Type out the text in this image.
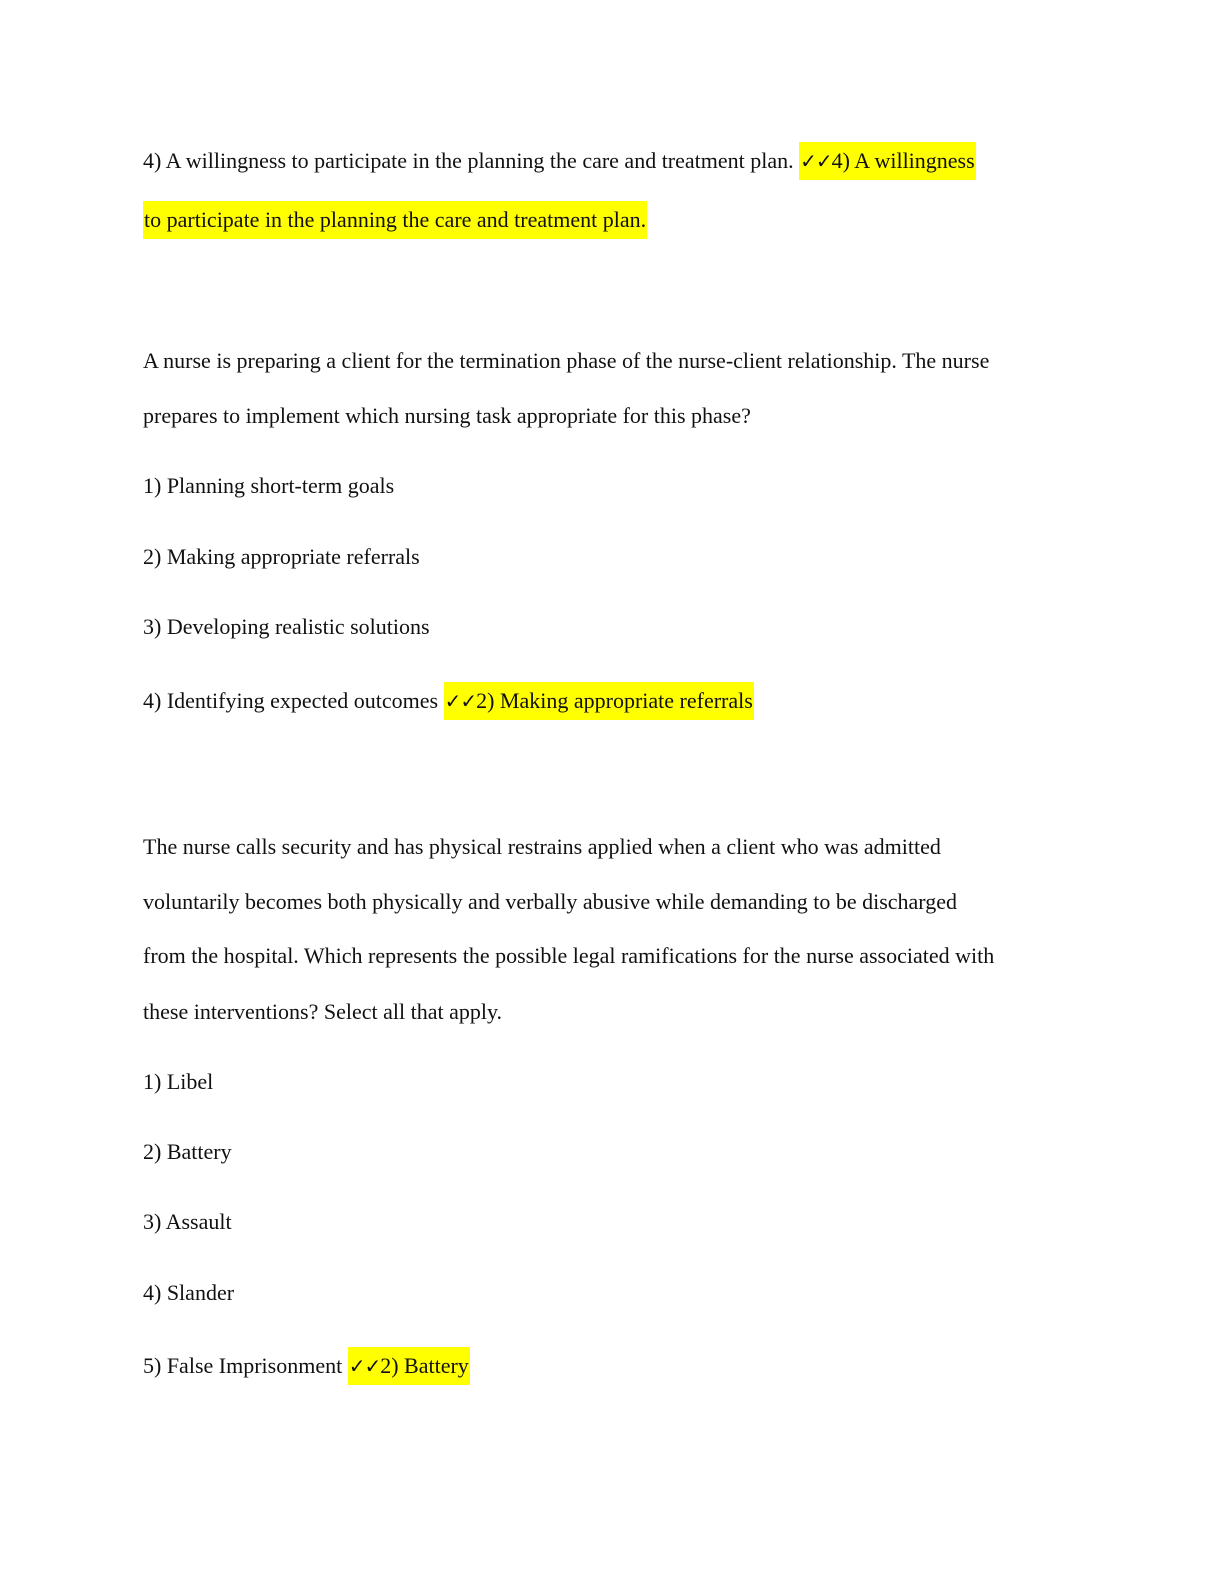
4) A willingness to participate in the planning the care and treatment plan. ✓✓4) A willingness
to participate in the planning the care and treatment plan.
A nurse is preparing a client for the termination phase of the nurse-client relationship. The nurse
prepares to implement which nursing task appropriate for this phase?
1) Planning short-term goals
2) Making appropriate referrals
3) Developing realistic solutions
4) Identifying expected outcomes ✓✓2) Making appropriate referrals
The nurse calls security and has physical restrains applied when a client who was admitted
voluntarily becomes both physically and verbally abusive while demanding to be discharged
from the hospital. Which represents the possible legal ramifications for the nurse associated with
these interventions? Select all that apply.
1) Libel
2) Battery
3) Assault
4) Slander
5) False Imprisonment ✓✓2) Battery
